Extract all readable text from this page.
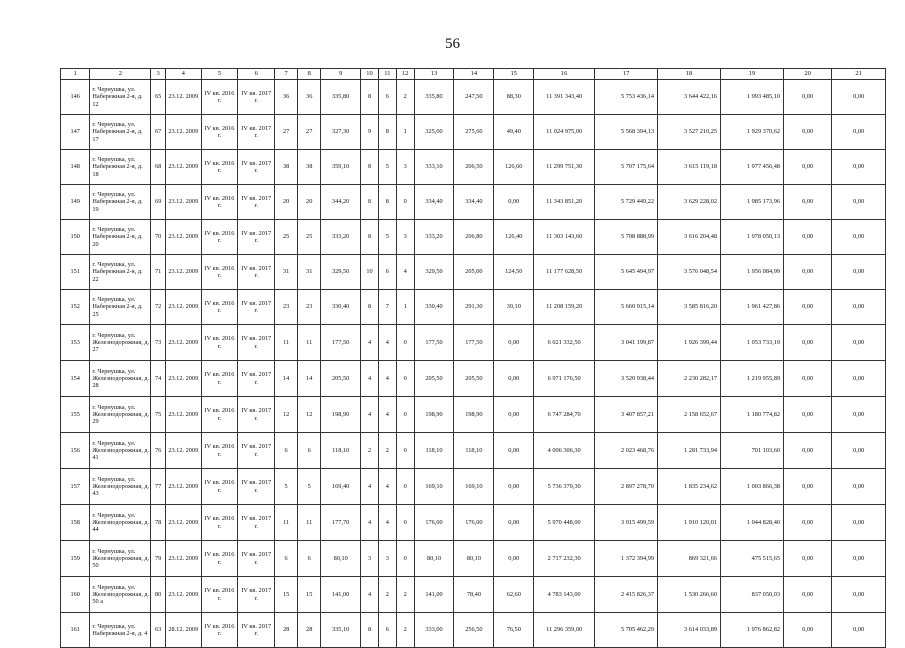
56
1	2	3	4	5	6	7	8	9	10	11	12	13	14	15	16	17	18	19	20	21
146	г. Чернушка, ул. Набережная 2-я, д. 12	65	23.12. 2009	IV кв. 2016 г.	IV кв. 2017 г.	36	36	335,80	8	6	2	335,80	247,50	88,30	11 391 343,40	5 753 436,14	3 644 422,16	1 993 485,10	0,00	0,00
147	г. Чернушка, ул. Набережная 2-я, д. 17	67	23.12. 2009	IV кв. 2016 г.	IV кв. 2017 г.	27	27	327,30	9	8	1	325,00	275,60	49,40	11 024 975,00	5 568 394,13	3 527 210,25	1 929 370,62	0,00	0,00
148	г. Чернушка, ул. Набережная 2-я, д. 18	68	23.12. 2009	IV кв. 2016 г.	IV кв. 2017 г.	38	38	359,10	8	5	3	333,10	206,50	126,60	11 299 751,30	5 707 175,64	3 615 119,18	1 977 456,48	0,00	0,00
149	г. Чернушка, ул. Набережная 2-я, д. 19	69	23.12. 2009	IV кв. 2016 г.	IV кв. 2017 г.	20	20	344,20	8	8	0	334,40	334,40	0,00	11 343 851,20	5 729 449,22	3 629 228,02	1 985 173,96	0,00	0,00
150	г. Чернушка, ул. Набережная 2-я, д. 20	70	23.12. 2009	IV кв. 2016 г.	IV кв. 2017 г.	25	25	333,20	8	5	3	333,20	206,80	126,40	11 303 143,60	5 708 888,99	3 616 204,48	1 978 050,13	0,00	0,00
151	г. Чернушка, ул. Набережная 2-я, д. 22	71	23.12. 2009	IV кв. 2016 г.	IV кв. 2017 г.	31	31	329,50	10	6	4	329,50	205,00	124,50	11 177 628,50	5 645 494,97	3 576 048,54	1 956 084,99	0,00	0,00
152	г. Чернушка, ул. Набережная 2-я, д. 25	72	23.12. 2009	IV кв. 2016 г.	IV кв. 2017 г.	23	23	330,40	8	7	1	330,40	291,30	39,10	11 208 159,20	5 660 915,14	3 585 816,20	1 961 427,86	0,00	0,00
153	г. Чернушка, ул. Железнодорожная, д. 27	73	23.12. 2009	IV кв. 2016 г.	IV кв. 2017 г.	11	11	177,50	4	4	0	177,50	177,50	0,00	6 021 332,50	3 041 199,87	1 926 399,44	1 053 733,19	0,00	0,00
154	г. Чернушка, ул. Железнодорожная, д. 28	74	23.12. 2009	IV кв. 2016 г.	IV кв. 2017 г.	14	14	205,50	4	4	0	205,50	205,50	0,00	6 971 176,50	3 520 938,44	2 230 282,17	1 219 955,89	0,00	0,00
155	г. Чернушка, ул. Железнодорожная, д. 29	75	23.12. 2009	IV кв. 2016 г.	IV кв. 2017 г.	12	12	198,90	4	4	0	198,90	198,90	0,00	6 747 284,70	3 407 857,21	2 158 652,67	1 180 774,82	0,00	0,00
156	г. Чернушка, ул. Железнодорожная, д. 41	76	23.12. 2009	IV кв. 2016 г.	IV кв. 2017 г.	6	6	118,10	2	2	0	118,10	118,10	0,00	4 006 306,30	2 023 468,76	1 281 733,94	701 103,60	0,00	0,00
157	г. Чернушка, ул. Железнодорожная, д. 43	77	23.12. 2009	IV кв. 2016 г.	IV кв. 2017 г.	5	5	169,40	4	4	0	169,10	169,10	0,00	5 736 379,30	2 897 278,70	1 835 234,62	1 003 866,38	0,00	0,00
158	г. Чернушка, ул. Железнодорожная, д. 44	78	23.12. 2009	IV кв. 2016 г.	IV кв. 2017 г.	11	11	177,70	4	4	0	176,00	176,00	0,00	5 970 448,00	3 015 499,59	1 910 120,01	1 044 828,40	0,00	0,00
159	г. Чернушка, ул. Железнодорожная, д. 50	79	23.12. 2009	IV кв. 2016 г.	IV кв. 2017 г.	6	6	80,10	3	3	0	80,10	80,10	0,00	2 717 232,30	1 372 394,99	869 321,66	475 515,65	0,00	0,00
160	г. Чернушка, ул. Железнодорожная, д. 50 а	80	23.12. 2009	IV кв. 2016 г.	IV кв. 2017 г.	15	15	141,00	4	2	2	141,00	78,40	62,60	4 783 143,00	2 415 826,37	1 530 266,60	837 050,03	0,00	0,00
161	г. Чернушка, ул. Набережная 2-я, д. 4	63	28.12. 2009	IV кв. 2016 г.	IV кв. 2017 г.	28	28	335,10	8	6	2	333,00	256,50	76,50	11 296 359,00	5 705 462,29	3 614 033,89	1 976 862,82	0,00	0,00
